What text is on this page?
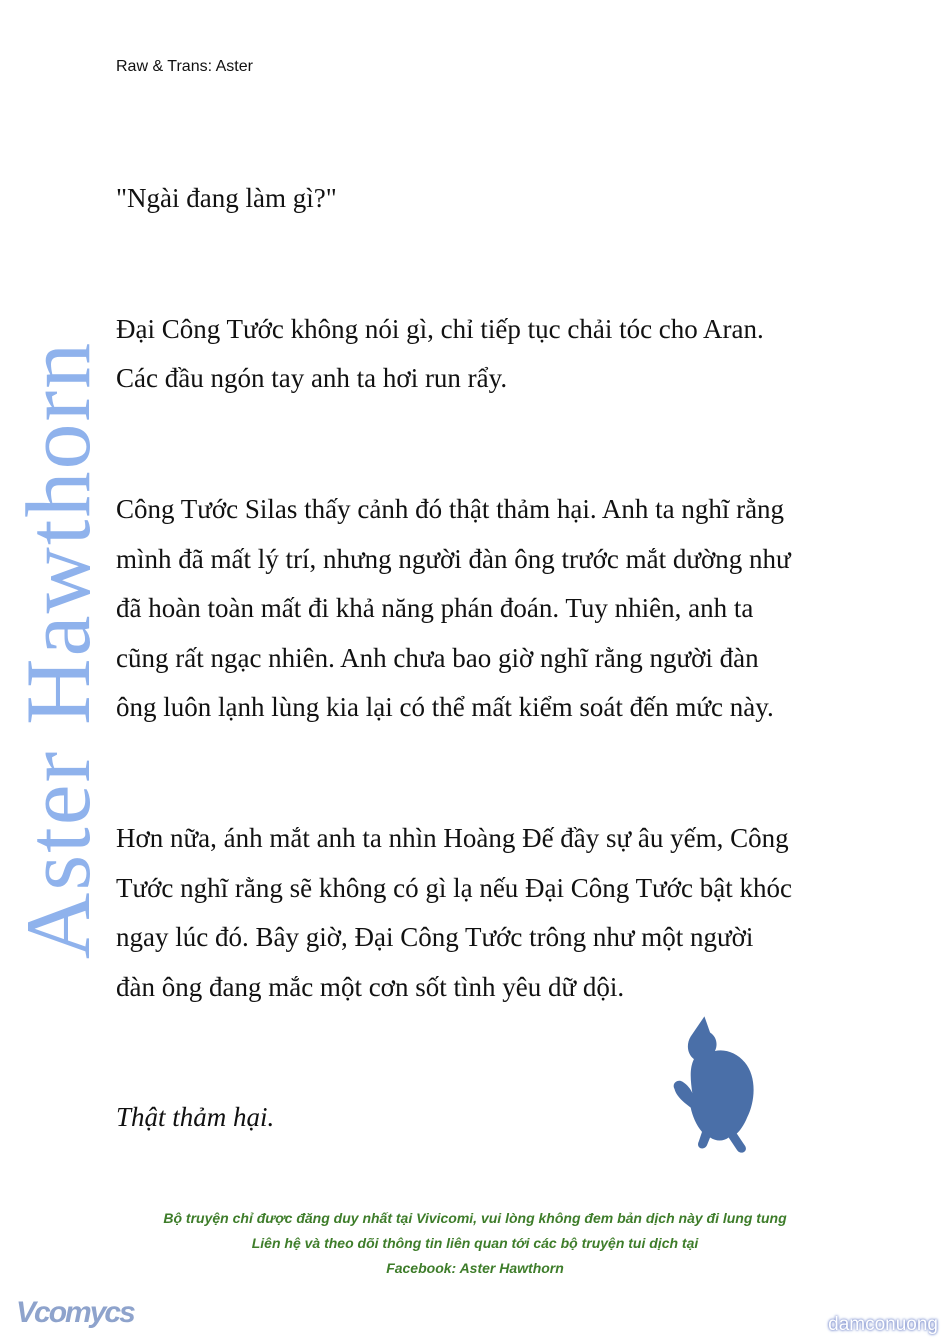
Raw & Trans: Aster
"Ngài đang làm gì?"
Đại Công Tước không nói gì, chỉ tiếp tục chải tóc cho Aran.
Các đầu ngón tay anh ta hơi run rẩy.
Công Tước Silas thấy cảnh đó thật thảm hại. Anh ta nghĩ rằng
mình đã mất lý trí, nhưng người đàn ông trước mắt dường như
đã hoàn toàn mất đi khả năng phán đoán. Tuy nhiên, anh ta
cũng rất ngạc nhiên. Anh chưa bao giờ nghĩ rằng người đàn
ông luôn lạnh lùng kia lại có thể mất kiểm soát đến mức này.
Hơn nữa, ánh mắt anh ta nhìn Hoàng Đế đầy sự âu yếm, Công
Tước nghĩ rằng sẽ không có gì lạ nếu Đại Công Tước bật khóc
ngay lúc đó. Bây giờ, Đại Công Tước trông như một người
đàn ông đang mắc một cơn sốt tình yêu dữ dội.
Thật thảm hại.
Aster Hawthorn
Bộ truyện chỉ được đăng duy nhất tại Vivicomi, vui lòng không đem bản dịch này đi lung tung
Liên hệ và theo dõi thông tin liên quan tới các bộ truyện tui dịch tại
Facebook: Aster Hawthorn
Vcomycs	damconuong
